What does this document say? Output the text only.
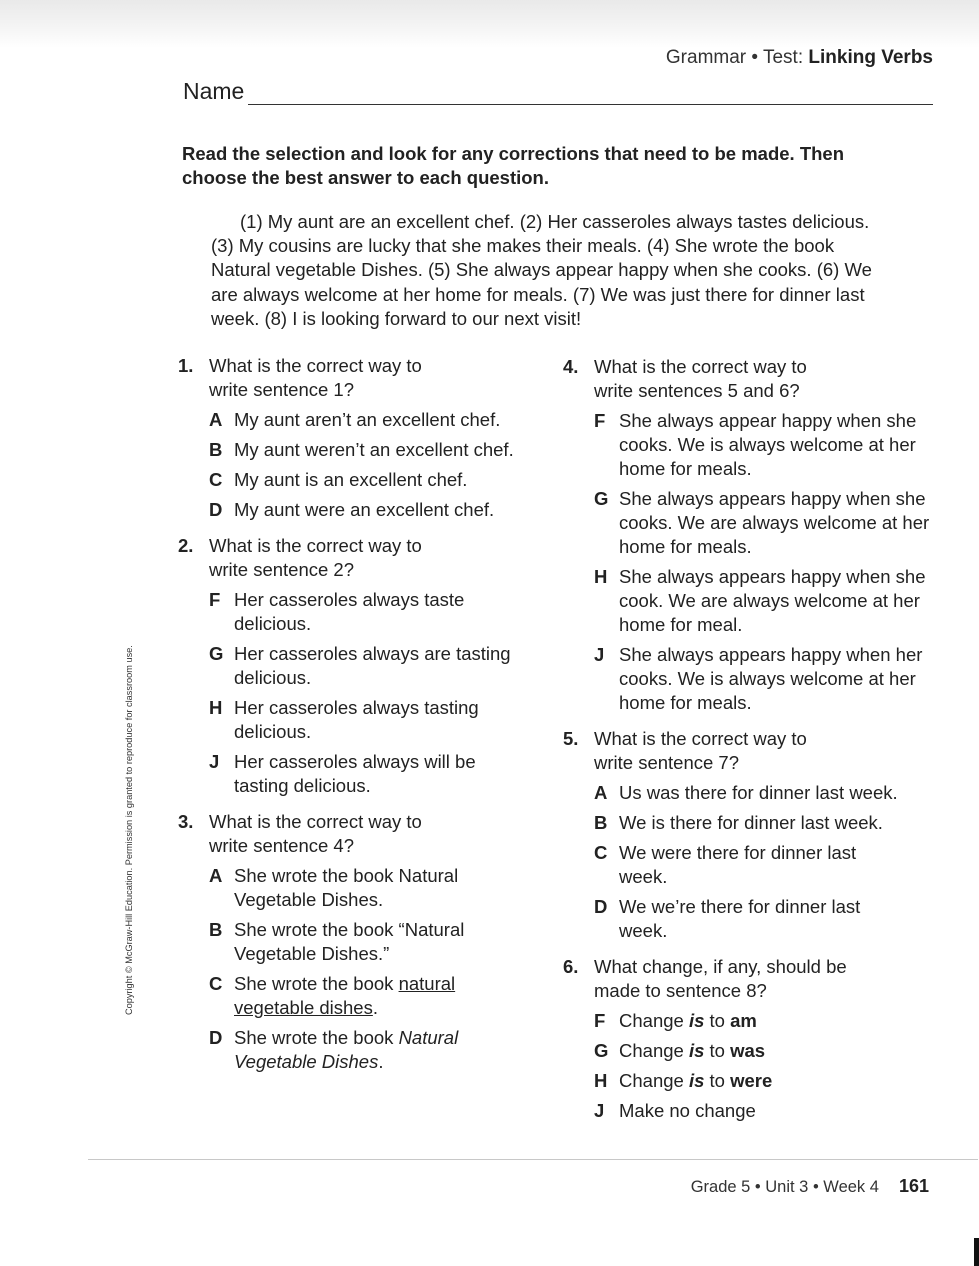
Grammar • Test: Linking Verbs
Name
Read the selection and look for any corrections that need to be made. Then choose the best answer to each question.
(1) My aunt are an excellent chef. (2) Her casseroles always tastes delicious. (3) My cousins are lucky that she makes their meals. (4) She wrote the book Natural vegetable Dishes. (5) She always appear happy when she cooks. (6) We are always welcome at her home for meals. (7) We was just there for dinner last week. (8) I is looking forward to our next visit!
1. What is the correct way to write sentence 1?
A My aunt aren’t an excellent chef.
B My aunt weren’t an excellent chef.
C My aunt is an excellent chef.
D My aunt were an excellent chef.
2. What is the correct way to write sentence 2?
F Her casseroles always taste delicious.
G Her casseroles always are tasting delicious.
H Her casseroles always tasting delicious.
J Her casseroles always will be tasting delicious.
3. What is the correct way to write sentence 4?
A She wrote the book Natural Vegetable Dishes.
B She wrote the book “Natural Vegetable Dishes.”
C She wrote the book natural vegetable dishes.
D She wrote the book Natural Vegetable Dishes.
4. What is the correct way to write sentences 5 and 6?
F She always appear happy when she cooks. We is always welcome at her home for meals.
G She always appears happy when she cooks. We are always welcome at her home for meals.
H She always appears happy when she cook. We are always welcome at her home for meal.
J She always appears happy when her cooks. We is always welcome at her home for meals.
5. What is the correct way to write sentence 7?
A Us was there for dinner last week.
B We is there for dinner last week.
C We were there for dinner last week.
D We we’re there for dinner last week.
6. What change, if any, should be made to sentence 8?
F Change is to am
G Change is to was
H Change is to were
J Make no change
Copyright © McGraw-Hill Education. Permission is granted to reproduce for classroom use.
Grade 5 • Unit 3 • Week 4 161
